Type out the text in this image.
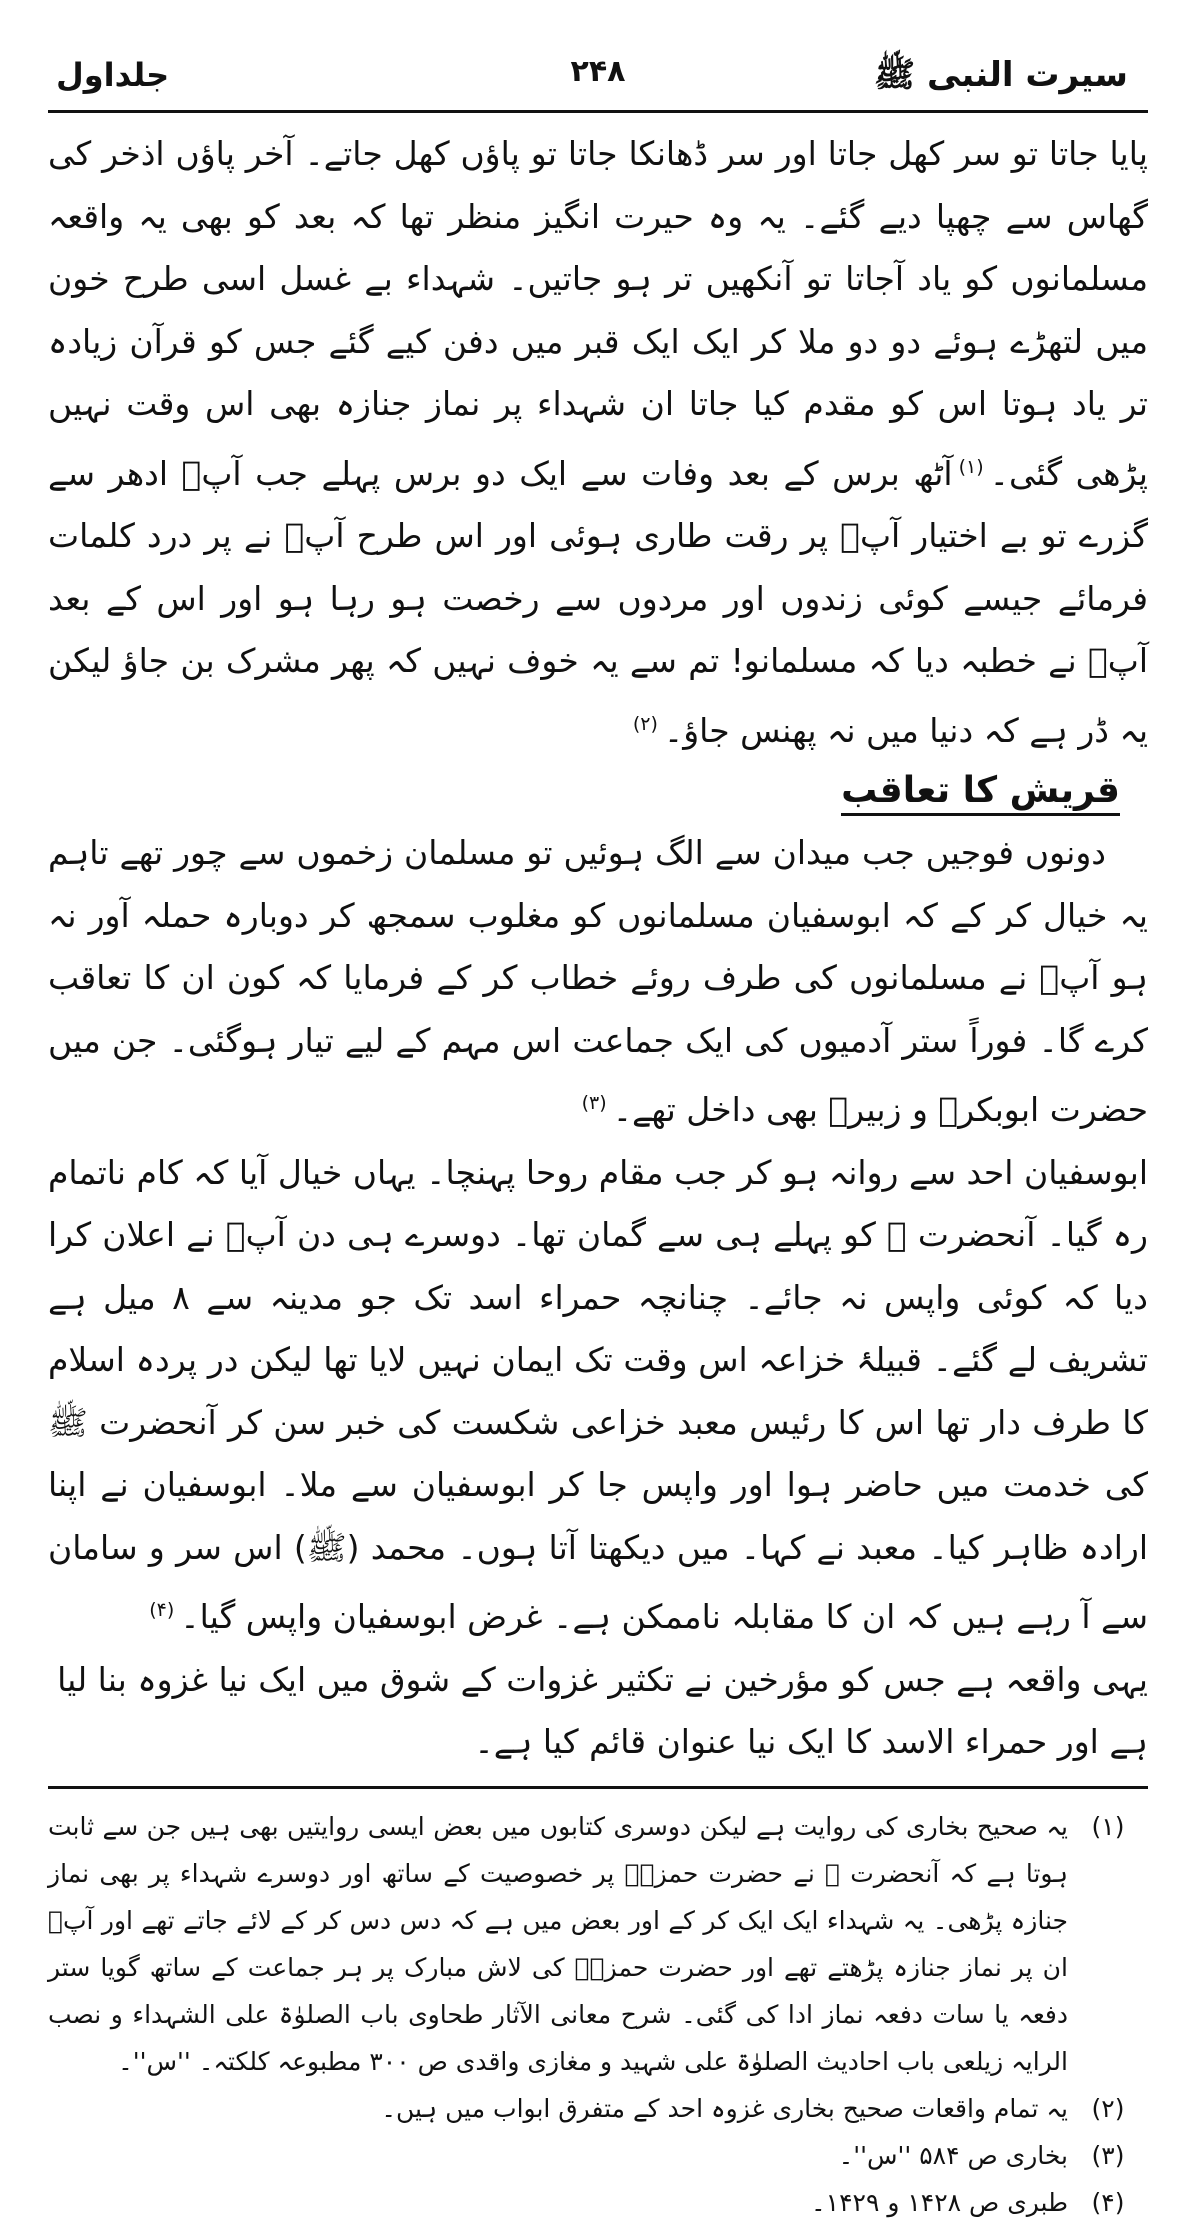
سیرت النبی ﷺ
۲۴۸
جلداول

پایا جاتا تو سر کھل جاتا اور سر ڈھانکا جاتا تو پاؤں کھل جاتے۔ آخر پاؤں اذخر کی گھاس سے چھپا دیے گئے۔ یہ وہ حیرت انگیز منظر تھا کہ بعد کو بھی یہ واقعہ مسلمانوں کو یاد آجاتا تو آنکھیں تر ہو جاتیں۔ شہداء بے غسل اسی طرح خون میں لتھڑے ہوئے دو دو ملا کر ایک ایک قبر میں دفن کیے گئے جس کو قرآن زیادہ تر یاد ہوتا اس کو مقدم کیا جاتا ان شہداء پر نماز جنازہ بھی اس وقت نہیں پڑھی گئی۔$^{(۱)}$آٹھ برس کے بعد وفات سے ایک دو برس پہلے جب آپؐ ادھر سے گزرے تو بے اختیار آپؐ پر رقت طاری ہوئی اور اس طرح آپؐ نے پر درد کلمات فرمائے جیسے کوئی زندوں اور مردوں سے رخصت ہو رہا ہو اور اس کے بعد آپؐ نے خطبہ دیا کہ مسلمانو! تم سے یہ خوف نہیں کہ پھر مشرک بن جاؤ لیکن یہ ڈر ہے کہ دنیا میں نہ پھنس جاؤ۔$^{(۲)}$

قریش کا تعاقب

دونوں فوجیں جب میدان سے الگ ہوئیں تو مسلمان زخموں سے چور تھے تاہم یہ خیال کر کے کہ ابوسفیان مسلمانوں کو مغلوب سمجھ کر دوبارہ حملہ آور نہ ہو آپؐ نے مسلمانوں کی طرف روئے خطاب کر کے فرمایا کہ کون ان کا تعاقب کرے گا۔ فوراً ستر آدمیوں کی ایک جماعت اس مہم کے لیے تیار ہوگئی۔ جن میں حضرت ابوبکرؓ و زبیرؓ بھی داخل تھے۔$^{(۳)}$

ابوسفیان احد سے روانہ ہو کر جب مقام روحا پہنچا۔ یہاں خیال آیا کہ کام ناتمام رہ گیا۔ آنحضرت ﷺ کو پہلے ہی سے گمان تھا۔ دوسرے ہی دن آپؐ نے اعلان کرا دیا کہ کوئی واپس نہ جائے۔ چنانچہ حمراء اسد تک جو مدینہ سے ۸ میل ہے تشریف لے گئے۔ قبیلۂ خزاعہ اس وقت تک ایمان نہیں لایا تھا لیکن در پردہ اسلام کا طرف دار تھا اس کا رئیس معبد خزاعی شکست کی خبر سن کر آنحضرت ﷺ کی خدمت میں حاضر ہوا اور واپس جا کر ابوسفیان سے ملا۔ ابوسفیان نے اپنا ارادہ ظاہر کیا۔ معبد نے کہا۔ میں دیکھتا آتا ہوں۔ محمد (ﷺ) اس سر و سامان سے آ رہے ہیں کہ ان کا مقابلہ ناممکن ہے۔ غرض ابوسفیان واپس گیا۔$^{(۴)}$

یہی واقعہ ہے جس کو مؤرخین نے تکثیر غزوات کے شوق میں ایک نیا غزوہ بنا لیا ہے اور حمراء الاسد کا ایک نیا عنوان قائم کیا ہے۔

(۱)
یہ صحیح بخاری کی روایت ہے لیکن دوسری کتابوں میں بعض ایسی روایتیں بھی ہیں جن سے ثابت ہوتا ہے کہ آنحضرت ﷺ نے حضرت حمزہؓ پر خصوصیت کے ساتھ اور دوسرے شہداء پر بھی نماز جنازہ پڑھی۔ یہ شہداء ایک ایک کر کے اور بعض میں ہے کہ دس دس کر کے لائے جاتے تھے اور آپؐ ان پر نماز جنازہ پڑھتے تھے اور حضرت حمزہؓ کی لاش مبارک پر ہر جماعت کے ساتھ گویا ستر دفعہ یا سات دفعہ نماز ادا کی گئی۔ شرح معانی الآثار طحاوی باب الصلوٰۃ علی الشہداء و نصب الرایہ زیلعی باب احادیث الصلوٰۃ علی شہید و مغازی واقدی ص ۳۰۰ مطبوعہ کلکتہ۔ ''س''۔
(۲)
یہ تمام واقعات صحیح بخاری غزوہ احد کے متفرق ابواب میں ہیں۔
(۳)
بخاری ص ۵۸۴ ''س''۔
(۴)
طبری ص ۱۴۲۸ و ۱۴۲۹۔
